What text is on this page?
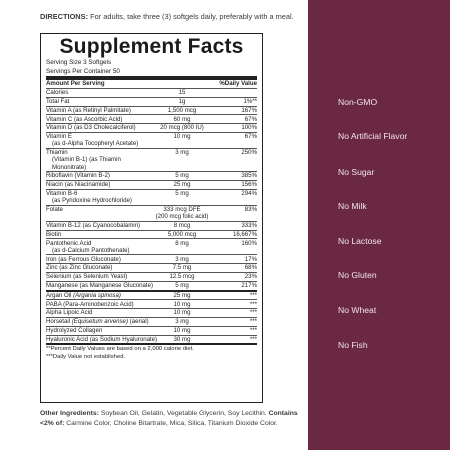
DIRECTIONS: For adults, take three (3) softgels daily, preferably with a meal.
Supplement Facts
Serving Size 3 Softgels
Servings Per Container 50
Amount Per Serving	%Daily Value
Calories	15
Total Fat	1g	1%**
Vitamin A (as Retinyl Palmitate)	1,500 mcg	167%
Vitamin C (as Ascorbic Acid)	60 mg	67%
Vitamin D (as D3 Cholecalciferol)	20 mcg (800 IU)	100%
Vitamin E
(as d-Alpha Tocopheryl Acetate)
10 mg	67%
Thiamin
(Vitamin B-1) (as Thiamin Mononitrate)
3 mg	250%
Riboflavin (Vitamin B-2)	5 mg	385%
Niacin (as Niacinamide)	25 mg	156%
Vitamin B-6
(as Pyridoxine Hydrochloride)
5 mg	294%
Folate	333 mcg DFE
(200 mcg folic acid)
83%
Vitamin B-12 (as Cyanocobalamin)	8 mcg	333%
Biotin	5,000 mcg	16,667%
Pantothenic Acid
(as d-Calcium Pantothenate)
8 mg	160%
Iron (as Ferrous Gluconate)	3 mg	17%
Zinc (as Zinc Gluconate)	7.5 mg	68%
Selenium (as Selenium Yeast)	12.5 mcg	23%
Manganese (as Manganese Gluconate)	5 mg	217%
Argan Oil (Argania spinosa)	25 mg	***
PABA (Para-Aminobenzoic Acid)	10 mg	***
Alpha Lipoic Acid	10 mg	***
Horsetail (Equisetum arvense) (aerial)	3 mg	***
Hydrolyzed Collagen	10 mg	***
Hyaluronic Acid (as Sodium Hyaluronate)	30 mg	***
**Percent Daily Values are based on a 2,000 calorie diet.
***Daily Value not established.
Other Ingredients: Soybean Oil, Gelatin, Vegetable Glycerin, Soy Lecithin. Contains <2% of: Carmine Color, Choline Bitartrate, Mica, Silica, Titanium Dioxide Color.
Non-GMO
No Artificial Flavor
No Sugar
No Milk
No Lactose
No Gluten
No Wheat
No Fish
